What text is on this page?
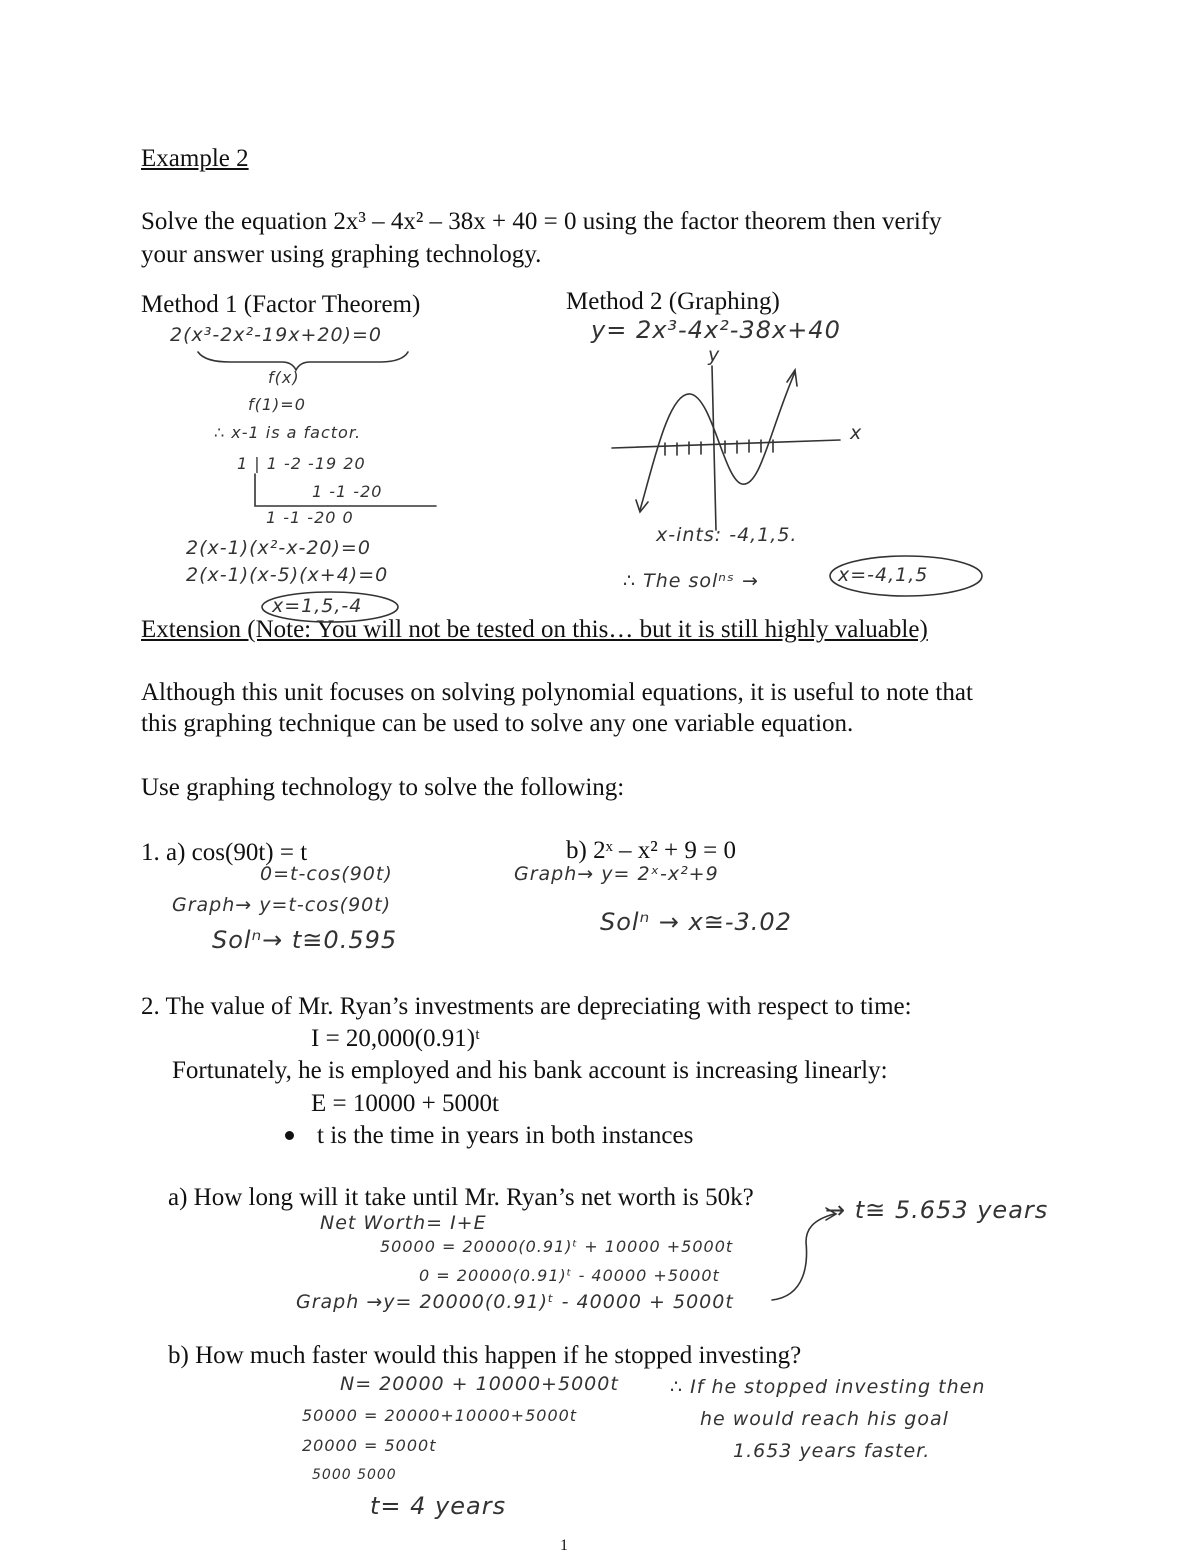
Example 2
Solve the equation 2x³ – 4x² – 38x + 40 = 0 using the factor theorem then verify
your answer using graphing technology.
Method 1 (Factor Theorem)
2(x³-2x²-19x+20)=0
f(x)
f(1)=0
∴ x-1 is a factor.
1 | 1 -2 -19 20
1 -1 -20
1 -1 -20 0
2(x-1)(x²-x-20)=0
2(x-1)(x-5)(x+4)=0
x=1,5,-4
Method 2 (Graphing)
y= 2x³-4x²-38x+40
y
x
x-ints: -4,1,5.
∴ The solⁿˢ →	x=-4,1,5
Extension (Note: You will not be tested on this… but it is still highly valuable)
Although this unit focuses on solving polynomial equations, it is useful to note that
this graphing technique can be used to solve any one variable equation.
Use graphing technology to solve the following:
1. a) cos(90t) = t
0=t-cos(90t)
Graph→ y=t-cos(90t)
Solⁿ→ t≅0.595
b) 2ˣ – x² + 9 = 0
Graph→ y= 2ˣ-x²+9
Solⁿ → x≅-3.02
2. The value of Mr. Ryan’s investments are depreciating with respect to time:
I = 20,000(0.91)ᵗ
Fortunately, he is employed and his bank account is increasing linearly:
E = 10000 + 5000t
t is the time in years in both instances
a) How long will it take until Mr. Ryan’s net worth is 50k?
Net Worth= I+E
50000 = 20000(0.91)ᵗ + 10000 +5000t
0 = 20000(0.91)ᵗ - 40000 +5000t
Graph →y= 20000(0.91)ᵗ - 40000 + 5000t
→ t≅ 5.653 years
b) How much faster would this happen if he stopped investing?
N= 20000 + 10000+5000t
50000 = 20000+10000+5000t
20000 = 5000t
5000 5000
t= 4 years
∴ If he stopped investing then
he would reach his goal
1.653 years faster.
1
